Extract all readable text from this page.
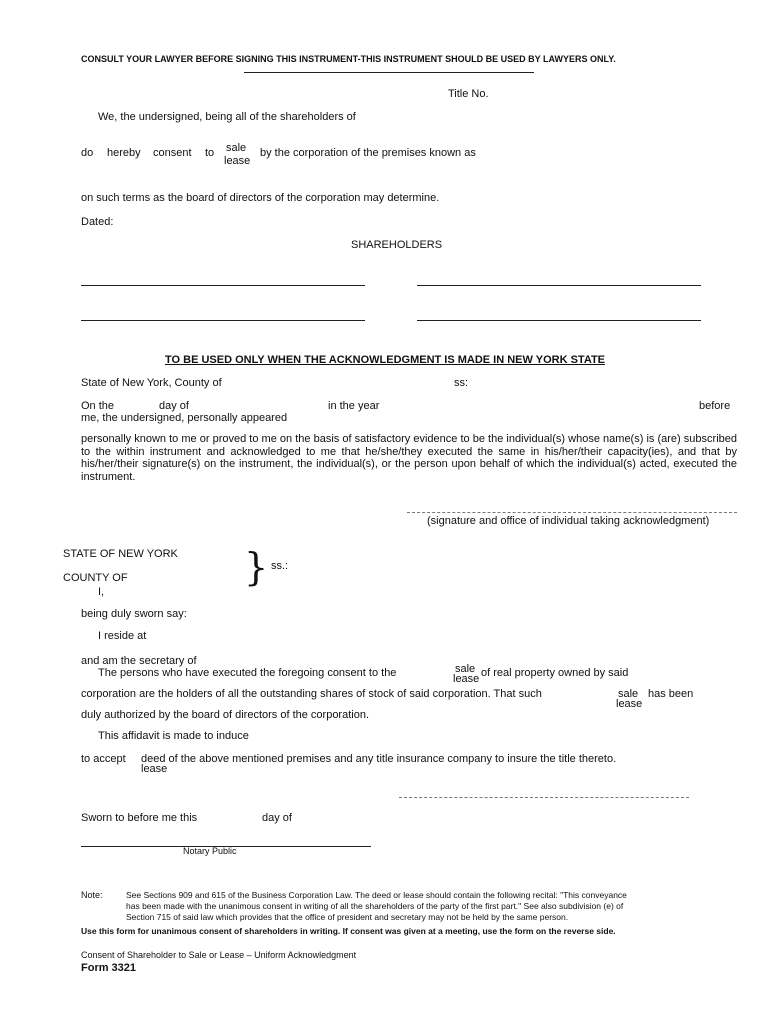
CONSULT YOUR LAWYER BEFORE SIGNING THIS INSTRUMENT-THIS INSTRUMENT SHOULD BE USED BY LAWYERS ONLY.
Title No.
We, the undersigned, being all of the shareholders of
do hereby consent to sale
lease
by the corporation of the premises known as
on such terms as the board of directors of the corporation may determine.
Dated:
SHAREHOLDERS
TO BE USED ONLY WHEN THE ACKNOWLEDGMENT IS MADE IN NEW YORK STATE
State of New York, County of	ss:
On the	day of	in the year	before
me, the undersigned, personally appeared
personally known to me or proved to me on the basis of satisfactory evidence to be the individual(s) whose name(s) is (are) subscribed to the within instrument and acknowledged to me that he/she/they executed the same in his/her/their capacity(ies), and that by his/her/their signature(s) on the instrument, the individual(s), or the person upon behalf of which the individual(s) acted, executed the instrument.
(signature and office of individual taking acknowledgment)
STATE OF NEW YORK } ss.:
COUNTY OF
I,
being duly sworn say:
I reside at
and am the secretary of
The persons who have executed the foregoing consent to the	sale
lease of real property owned by said
corporation are the holders of all the outstanding shares of stock of said corporation. That such	sale has been
lease
duly authorized by the board of directors of the corporation.
This affidavit is made to induce
to accept deed of the above mentioned premises and any title insurance company to insure the title thereto.
lease
Sworn to before me this	day of
Notary Public
Note:	See Sections 909 and 615 of the Business Corporation Law. The deed or lease should contain the following recital: "This conveyance
has been made with the unanimous consent in writing of all the shareholders of the party of the first part." See also subdivision (e) of
Section 715 of said law which provides that the office of president and secretary may not be held by the same person.
Use this form for unanimous consent of shareholders in writing. If consent was given at a meeting, use the form on the reverse side.
Consent of Shareholder to Sale or Lease – Uniform Acknowledgment
Form 3321
